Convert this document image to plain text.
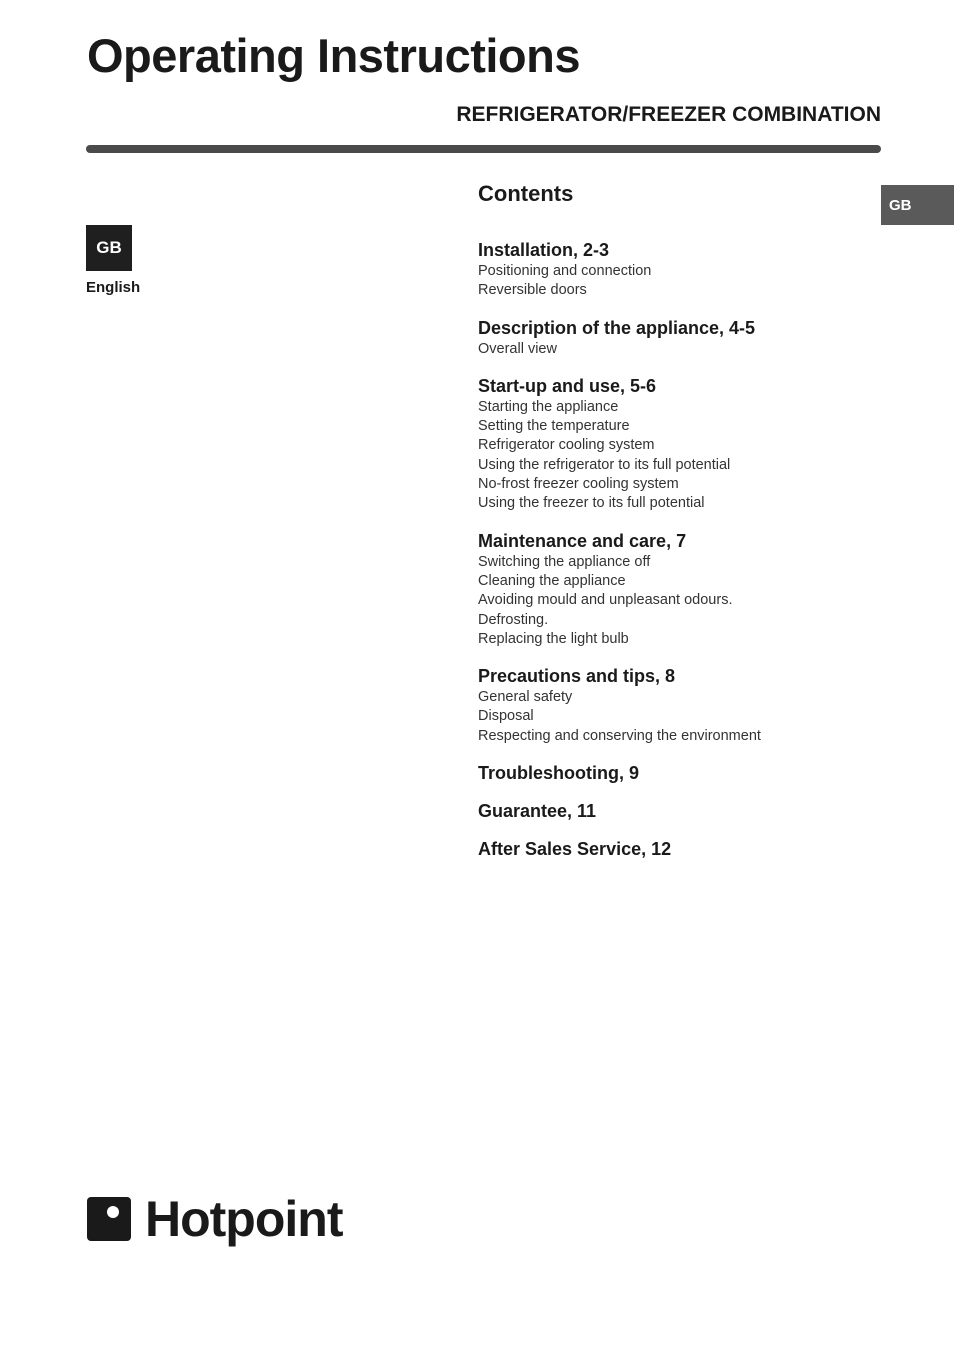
Operating Instructions
REFRIGERATOR/FREEZER COMBINATION
GB
GB
English
Contents
Installation, 2-3
Positioning and connection
Reversible doors
Description of the appliance, 4-5
Overall view
Start-up and use, 5-6
Starting the appliance
Setting the temperature
Refrigerator cooling system
Using the refrigerator to its full potential
No-frost freezer cooling system
Using the freezer to its full potential
Maintenance and care, 7
Switching the appliance off
Cleaning the appliance
Avoiding mould and unpleasant odours.
Defrosting.
Replacing the light bulb
Precautions and tips, 8
General safety
Disposal
Respecting and conserving the environment
Troubleshooting, 9
Guarantee, 11
After Sales Service, 12
Hotpoint
